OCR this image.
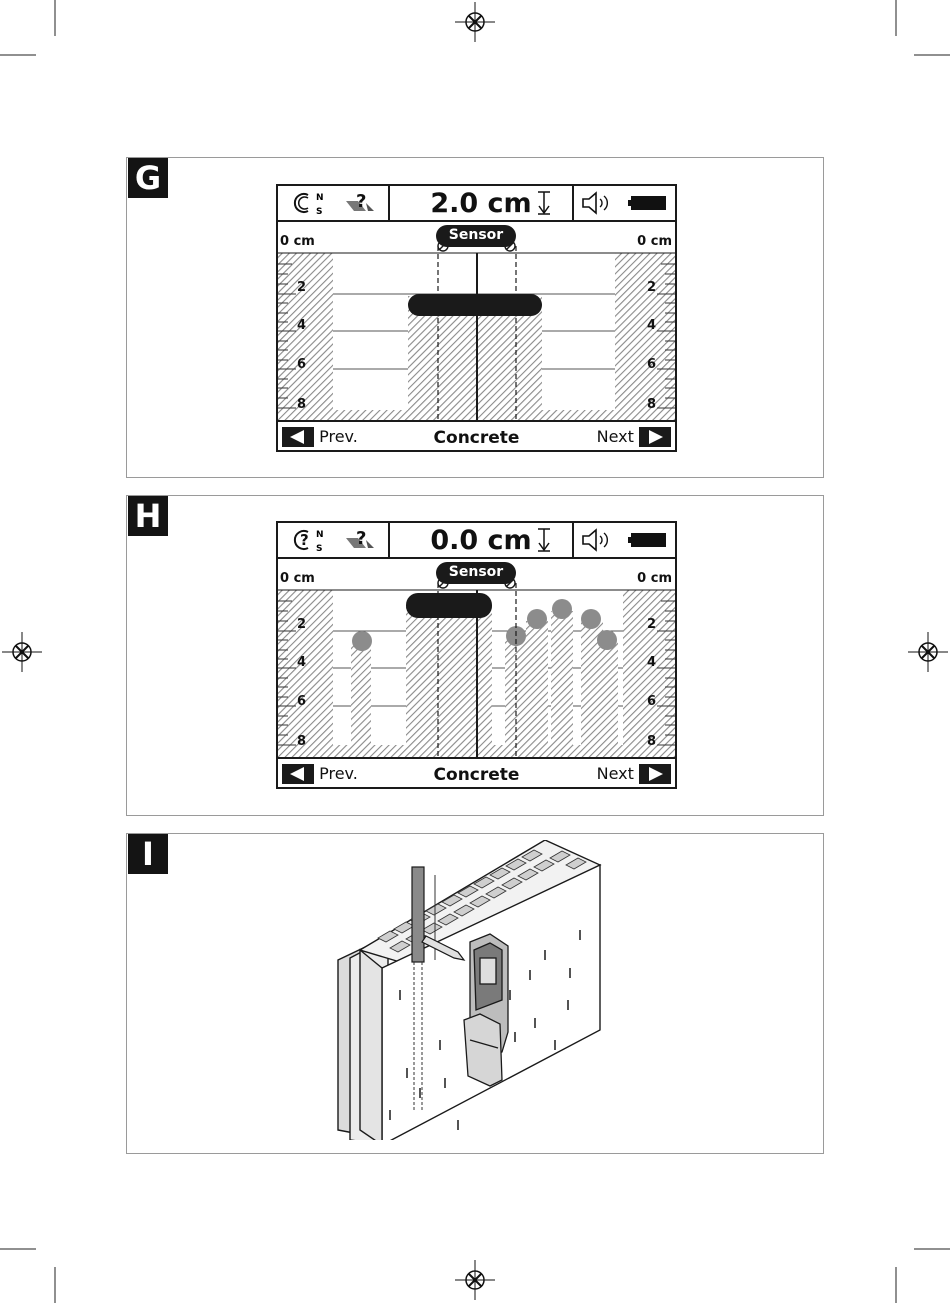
G
2
4
6
8
2
4
6
8
N
S ?	2.0 cm
0 cm	0 cm
Sensor
Prev.	Concrete	Next
H
2
4
6
8
2
4
6
8
? N
S ?	0.0 cm
0 cm	0 cm
Sensor
Prev.	Concrete	Next
I
